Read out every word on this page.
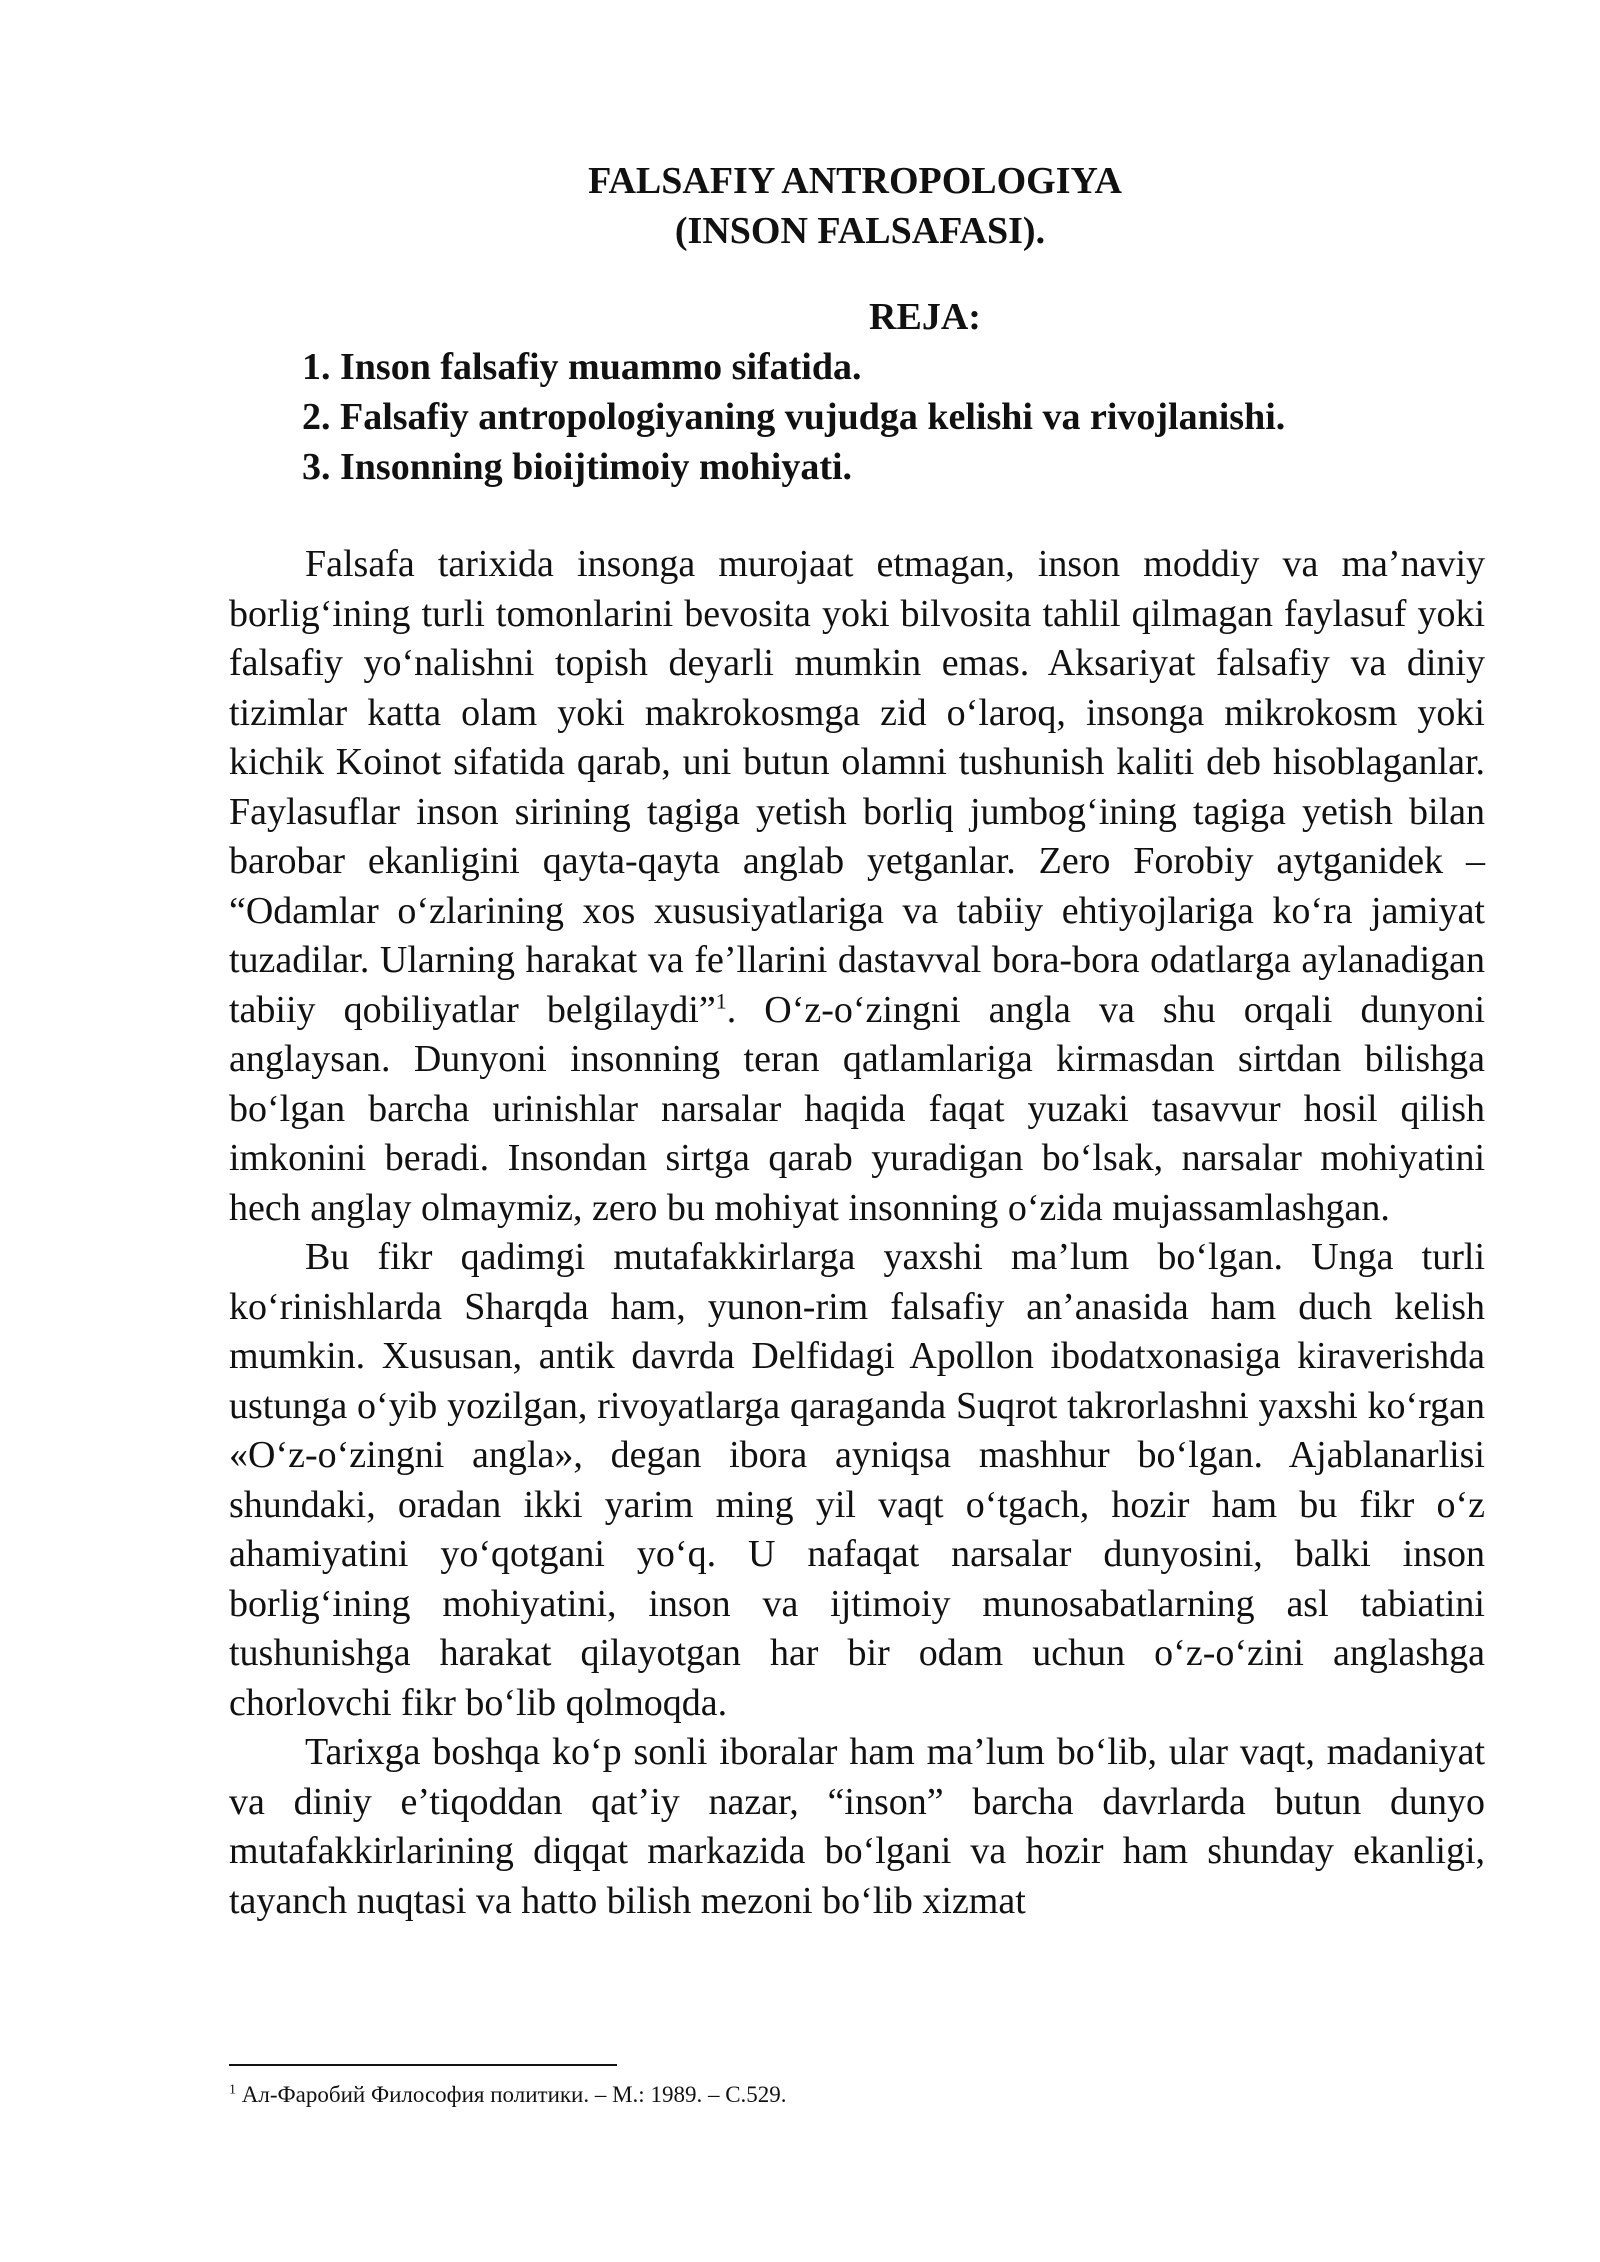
FALSAFIY ANTROPOLOGIYA
(INSON FALSAFASI).
REJA:
1. Inson falsafiy muammo sifatida.
2. Falsafiy antropologiyaning vujudga kelishi va rivojlanishi.
3. Insonning bioijtimoiy mohiyati.

Falsafa tarixida insonga murojaat etmagan, inson moddiy va ma’naviy borlig‘ining turli tomonlarini bevosita yoki bilvosita tahlil qilmagan faylasuf yoki falsafiy yo‘nalishni topish deyarli mumkin emas. Aksariyat falsafiy va diniy tizimlar katta olam yoki makrokosmga zid o‘laroq, insonga mikrokosm yoki kichik Koinot sifatida qarab, uni butun olamni tushunish kaliti deb hisoblaganlar. Faylasuflar inson sirining tagiga yetish borliq jumbog‘ining tagiga yetish bilan barobar ekanligini qayta-qayta anglab yetganlar. Zero Forobiy aytganidek – “Odamlar o‘zlarining xos xususiyatlariga va tabiiy ehtiyojlariga ko‘ra jamiyat tuzadilar. Ularning harakat va fe’llarini dastavval bora-bora odatlarga aylanadigan tabiiy qobiliyatlar belgilaydi”$^1$. O‘z-o‘zingni angla va shu orqali dunyoni anglaysan. Dunyoni insonning teran qatlamlariga kirmasdan sirtdan bilishga bo‘lgan barcha urinishlar narsalar haqida faqat yuzaki tasavvur hosil qilish imkonini beradi. Insondan sirtga qarab yuradigan bo‘lsak, narsalar mohiyatini hech anglay olmaymiz, zero bu mohiyat insonning o‘zida mujassamlashgan.

Bu fikr qadimgi mutafakkirlarga yaxshi ma’lum bo‘lgan. Unga turli ko‘rinishlarda Sharqda ham, yunon-rim falsafiy an’anasida ham duch kelish mumkin. Xususan, antik davrda Delfidagi Apollon ibodatxonasiga kiraverishda ustunga o‘yib yozilgan, rivoyatlarga qaraganda Suqrot takrorlashni yaxshi ko‘rgan «O‘z-o‘zingni angla», degan ibora ayniqsa mashhur bo‘lgan. Ajablanarlisi shundaki, oradan ikki yarim ming yil vaqt o‘tgach, hozir ham bu fikr o‘z ahamiyatini yo‘qotgani yo‘q. U nafaqat narsalar dunyosini, balki inson borlig‘ining mohiyatini, inson va ijtimoiy munosabatlarning asl tabiatini tushunishga harakat qilayotgan har bir odam uchun o‘z-o‘zini anglashga chorlovchi fikr bo‘lib qolmoqda.

Tarixga boshqa ko‘p sonli iboralar ham ma’lum bo‘lib, ular vaqt, madaniyat va diniy e’tiqoddan qat’iy nazar, “inson” barcha davrlarda butun dunyo mutafakkirlarining diqqat markazida bo‘lgani va hozir ham shunday ekanligi, tayanch nuqtasi va hatto bilish mezoni bo‘lib xizmat

$^1$ Ал-Фаробий Философия политики. – М.: 1989. – С.529.
